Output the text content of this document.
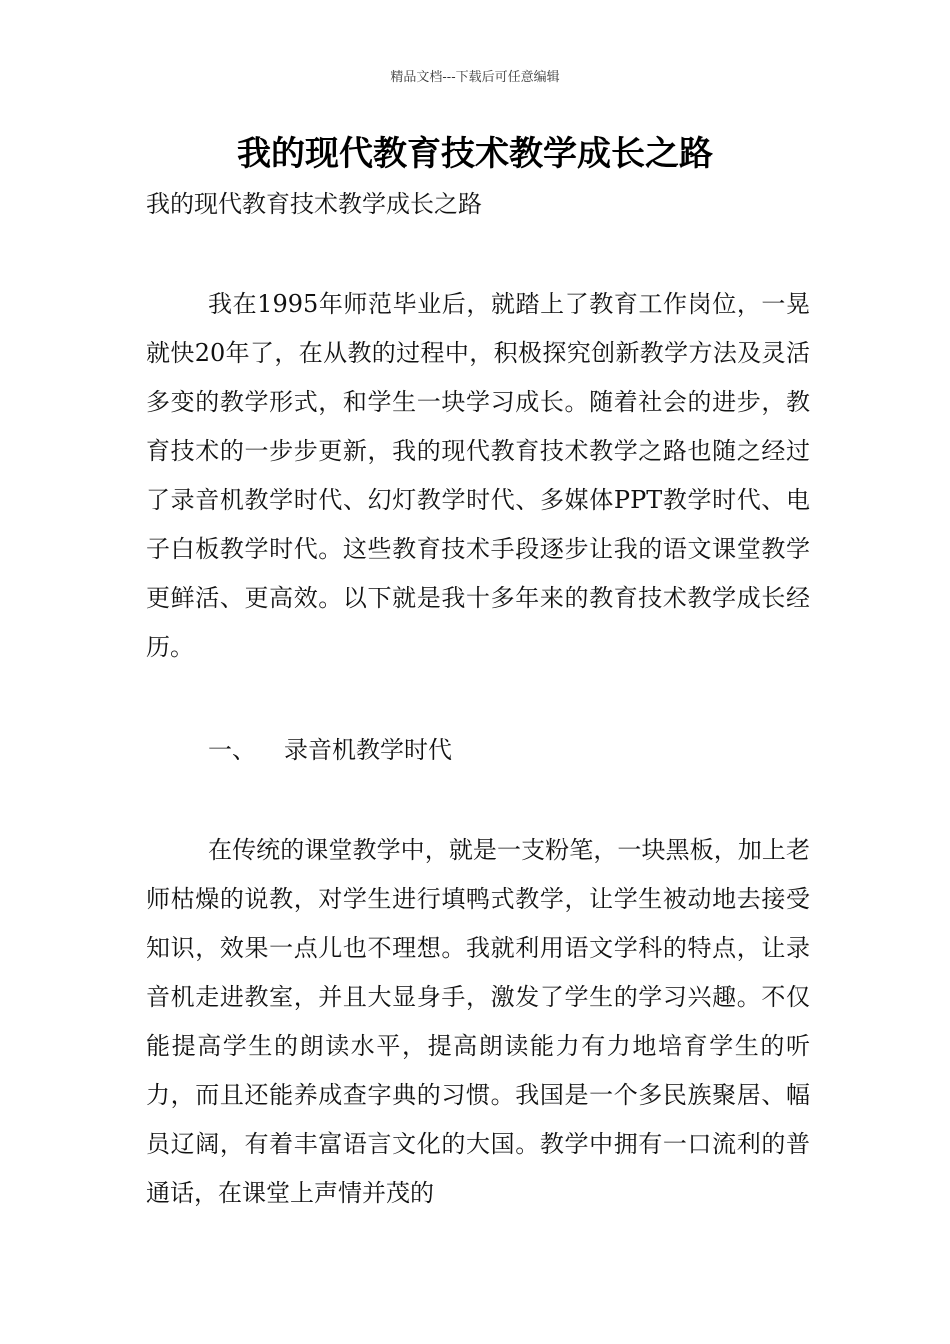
精品文档---下载后可任意编辑
我的现代教育技术教学成长之路
我的现代教育技术教学成长之路

我在1995年师范毕业后，就踏上了教育工作岗位，一晃就快20年了，在从教的过程中，积极探究创新教学方法及灵活多变的教学形式，和学生一块学习成长。随着社会的进步，教育技术的一步步更新，我的现代教育技术教学之路也随之经过了录音机教学时代、幻灯教学时代、多媒体PPT教学时代、电子白板教学时代。这些教育技术手段逐步让我的语文课堂教学更鲜活、更高效。以下就是我十多年来的教育技术教学成长经历。

一、 录音机教学时代

在传统的课堂教学中，就是一支粉笔，一块黑板，加上老师枯燥的说教，对学生进行填鸭式教学，让学生被动地去接受知识，效果一点儿也不理想。我就利用语文学科的特点，让录音机走进教室，并且大显身手，激发了学生的学习兴趣。不仅能提高学生的朗读水平，提高朗读能力有力地培育学生的听力，而且还能养成查字典的习惯。我国是一个多民族聚居、幅员辽阔，有着丰富语言文化的大国。教学中拥有一口流利的普通话，在课堂上声情并茂的
